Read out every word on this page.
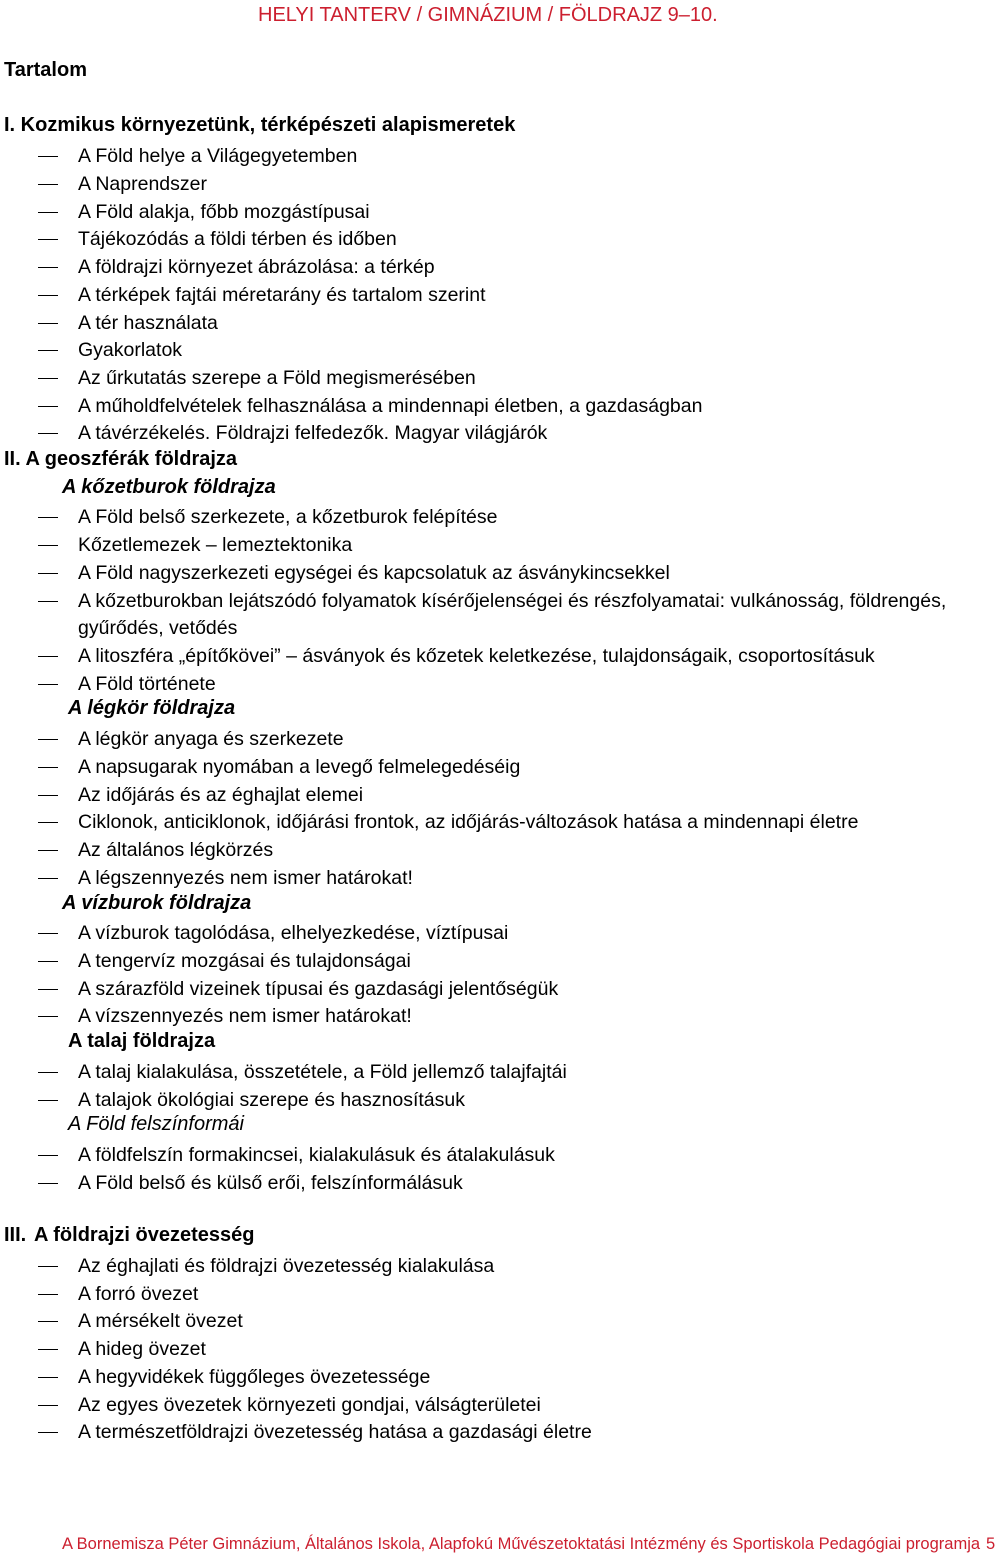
HELYI TANTERV / GIMNÁZIUM / FÖLDRAJZ 9–10.
Tartalom
I. Kozmikus környezetünk, térképészeti alapismeretek
A Föld helye a Világegyetemben
A Naprendszer
A Föld alakja, főbb mozgástípusai
Tájékozódás a földi térben és időben
A földrajzi környezet ábrázolása: a térkép
A térképek fajtái méretarány és tartalom szerint
A tér használata
Gyakorlatok
Az űrkutatás szerepe a Föld megismerésében
A műholdfelvételek felhasználása a mindennapi életben, a gazdaságban
A távérzékelés. Földrajzi felfedezők. Magyar világjárók
II. A geoszférák földrajza
A kőzetburok földrajza
A Föld belső szerkezete, a kőzetburok felépítése
Kőzetlemezek – lemeztektonika
A Föld nagyszerkezeti egységei és kapcsolatuk az ásványkincsekkel
A kőzetburokban lejátszódó folyamatok kísérőjelenségei és részfolyamatai: vulkánosság, földrengés,
gyűrődés, vetődés
A litoszféra „építőkövei” – ásványok és kőzetek keletkezése, tulajdonságaik, csoportosításuk
A Föld története
A légkör földrajza
A légkör anyaga és szerkezete
A napsugarak nyomában a levegő felmelegedéséig
Az időjárás és az éghajlat elemei
Ciklonok, anticiklonok, időjárási frontok, az időjárás-változások hatása a mindennapi életre
Az általános légkörzés
A légszennyezés nem ismer határokat!
A vízburok földrajza
A vízburok tagolódása, elhelyezkedése, víztípusai
A tengervíz mozgásai és tulajdonságai
A szárazföld vizeinek típusai és gazdasági jelentőségük
A vízszennyezés nem ismer határokat!
A talaj földrajza
A talaj kialakulása, összetétele, a Föld jellemző talajfajtái
A talajok ökológiai szerepe és hasznosításuk
A Föld felszínformái
A földfelszín formakincsei, kialakulásuk és átalakulásuk
A Föld belső és külső erői, felszínformálásuk
III. A földrajzi övezetesség
Az éghajlati és földrajzi övezetesség kialakulása
A forró övezet
A mérsékelt övezet
A hideg övezet
A hegyvidékek függőleges övezetessége
Az egyes övezetek környezeti gondjai, válságterületei
A természetföldrajzi övezetesség hatása a gazdasági életre
A Bornemisza Péter Gimnázium, Általános Iskola, Alapfokú Művészetoktatási Intézmény és Sportiskola Pedagógiai programja 5
